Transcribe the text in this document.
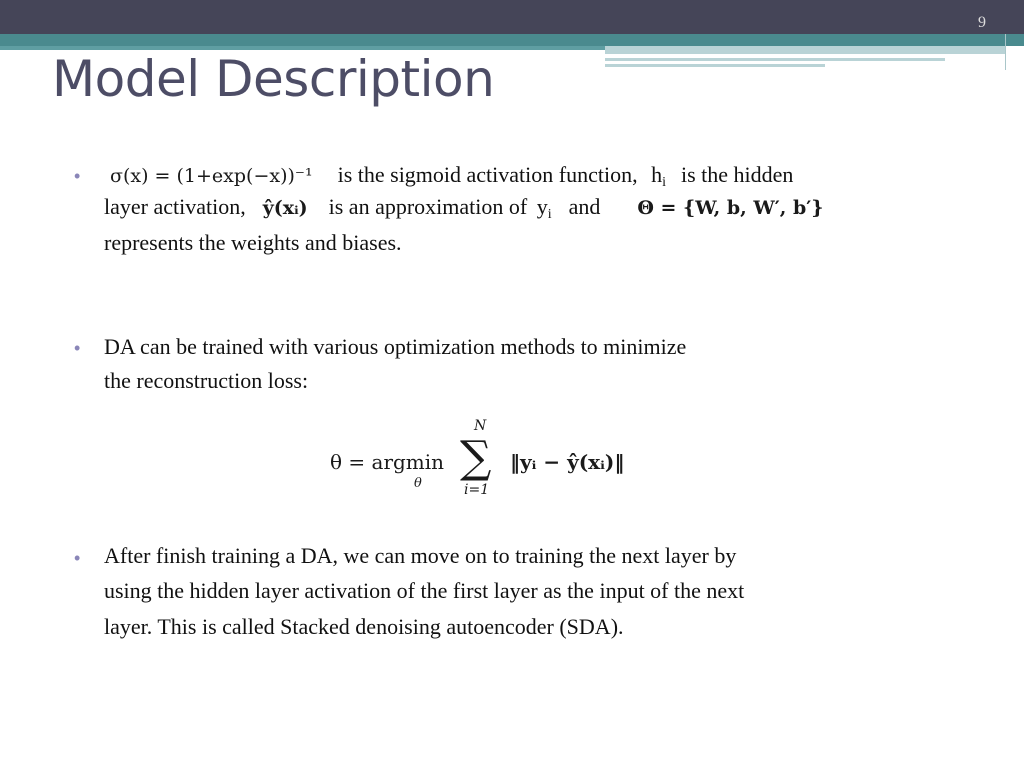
9
Model Description
• σ(x) = (1+exp(−x))⁻¹ is the sigmoid activation function, $h_i$ is the hidden
layer activation, ŷ(xᵢ) is an approximation of $y_i$ and Θ = {W, b, W′, b′}
represents the weights and biases.
• DA can be trained with various optimization methods to minimize
the reconstruction loss:
θ = argmin
θ
N
∑
i=1
‖yᵢ − ŷ(xᵢ)‖
• After finish training a DA, we can move on to training the next layer by
using the hidden layer activation of the first layer as the input of the next
layer. This is called Stacked denoising autoencoder (SDA).
